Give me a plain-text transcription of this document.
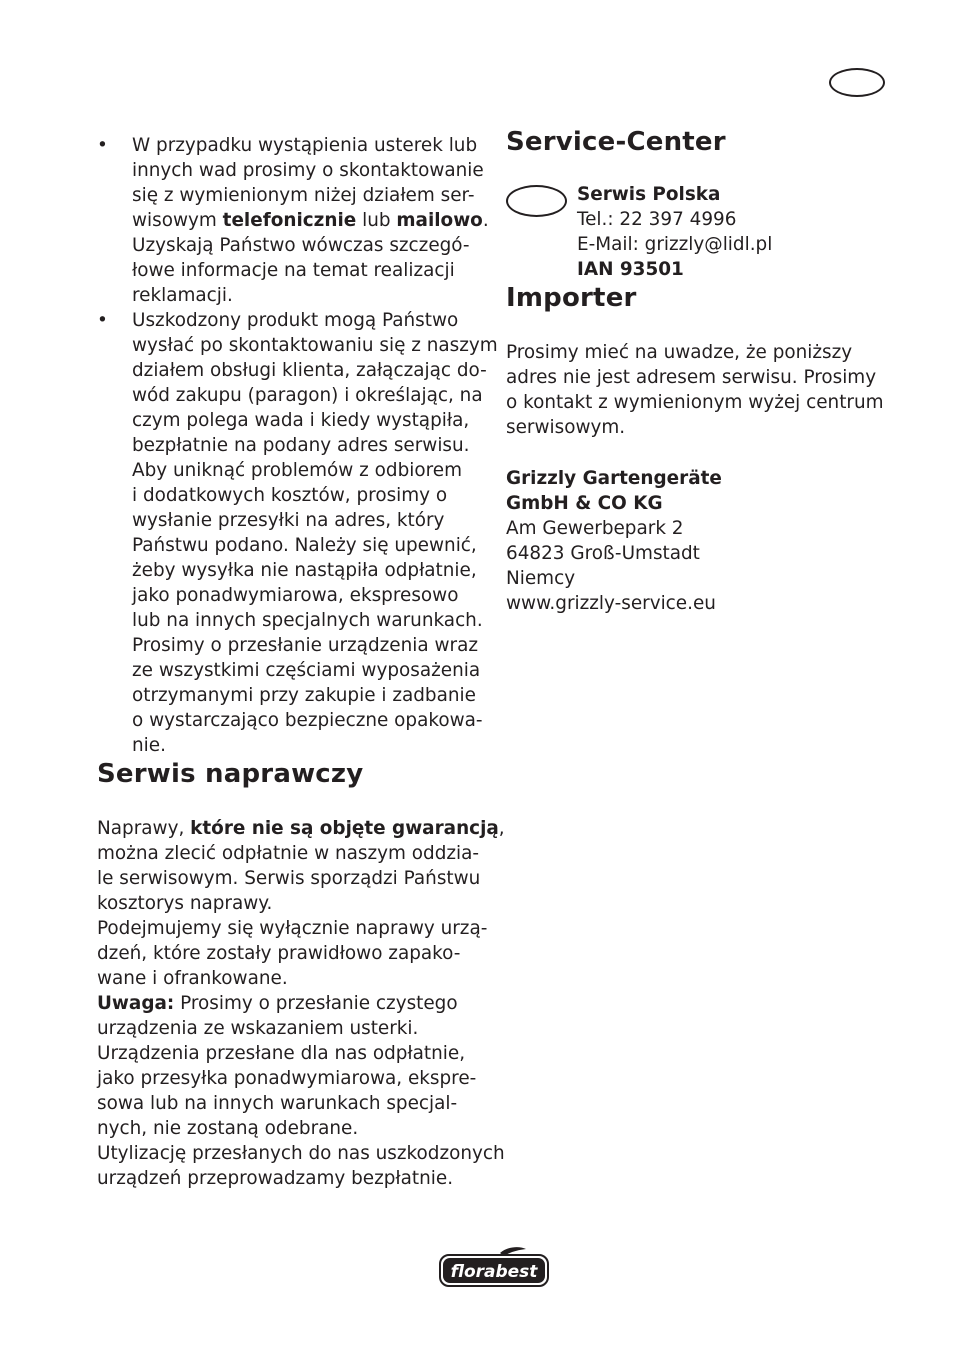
• W przypadku wystąpienia usterek lub
innych wad prosimy o skontaktowanie
się z wymienionym niżej działem ser-
wisowym telefonicznie lub mailowo.
Uzyskają Państwo wówczas szczegó-
łowe informacje na temat realizacji
reklamacji.
• Uszkodzony produkt mogą Państwo
wysłać po skontaktowaniu się z naszym
działem obsługi klienta, załączając do-
wód zakupu (paragon) i określając, na
czym polega wada i kiedy wystąpiła,
bezpłatnie na podany adres serwisu.
Aby uniknąć problemów z odbiorem
i dodatkowych kosztów, prosimy o
wysłanie przesyłki na adres, który
Państwu podano. Należy się upewnić,
żeby wysyłka nie nastąpiła odpłatnie,
jako ponadwymiarowa, ekspresowo
lub na innych specjalnych warunkach.
Prosimy o przesłanie urządzenia wraz
ze wszystkimi częściami wyposażenia
otrzymanymi przy zakupie i zadbanie
o wystarczająco bezpieczne opakowa-
nie.
Serwis naprawczy
Naprawy, które nie są objęte gwarancją,
można zlecić odpłatnie w naszym oddzia-
le serwisowym. Serwis sporządzi Państwu
kosztorys naprawy.
Podejmujemy się wyłącznie naprawy urzą-
dzeń, które zostały prawidłowo zapako-
wane i ofrankowane.
Uwaga: Prosimy o przesłanie czystego
urządzenia ze wskazaniem usterki.
Urządzenia przesłane dla nas odpłatnie,
jako przesyłka ponadwymiarowa, ekspre-
sowa lub na innych warunkach specjal-
nych, nie zostaną odebrane.
Utylizację przesłanych do nas uszkodzonych
urządzeń przeprowadzamy bezpłatnie.
Service-Center
Serwis Polska
Tel.: 22 397 4996
E-Mail: grizzly@lidl.pl
IAN 93501
Importer
Prosimy mieć na uwadze, że poniższy
adres nie jest adresem serwisu. Prosimy
o kontakt z wymienionym wyżej centrum
serwisowym.
Grizzly Gartengeräte
GmbH & CO KG
Am Gewerbepark 2
64823 Groß-Umstadt
Niemcy
www.grizzly-service.eu
florabest
